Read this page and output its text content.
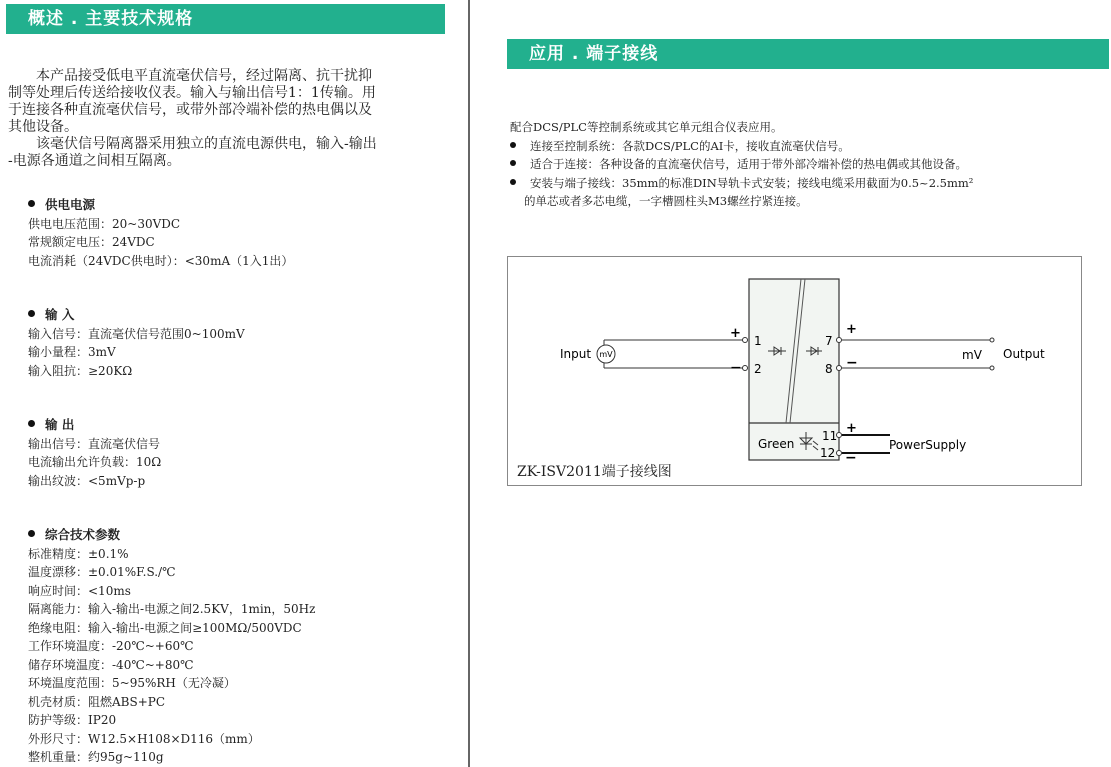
概述 . 主要技术规格
本产品接受低电平直流毫伏信号，经过隔离、抗干扰抑
制等处理后传送给接收仪表。输入与输出信号1：1传输。用
于连接各种直流毫伏信号，或带外部冷端补偿的热电偶以及
其他设备。
该毫伏信号隔离器采用独立的直流电源供电，输入-输出
-电源各通道之间相互隔离。
供电电源
供电电压范围：20~30VDC
常规额定电压：24VDC
电流消耗（24VDC供电时）：<30mA（1入1出）
输 入
输入信号：直流毫伏信号范围0~100mV
输小量程：3mV
输入阻抗：≥20KΩ
输 出
输出信号：直流毫伏信号
电流输出允许负载：10Ω
输出纹波：<5mVp-p
综合技术参数
标准精度：±0.1%
温度漂移：±0.01%F.S./℃
响应时间：<10ms
隔离能力：输入-输出-电源之间2.5KV，1min，50Hz
绝缘电阻：输入-输出-电源之间≥100MΩ/500VDC
工作环境温度：-20℃~+60℃
储存环境温度：-40℃~+80℃
环境温度范围：5~95%RH（无冷凝）
机壳材质：阻燃ABS+PC
防护等级：IP20
外形尺寸：W12.5×H108×D116（mm）
整机重量：约95g~110g
应用 . 端子接线
配合DCS/PLC等控制系统或其它单元组合仪表应用。
连接至控制系统：各款DCS/PLC的AI卡，接收直流毫伏信号。
适合于连接：各种设备的直流毫伏信号，适用于带外部冷端补偿的热电偶或其他设备。
安装与端子接线：35mm的标准DIN导轨卡式安装；接线电缆采用截面为0.5~2.5mm²
的单芯或者多芯电缆，一字槽圆柱头M3螺丝拧紧连接。
mV
Input
+
−
1
2
7
8
+
−	mV Output
11
12
+
−
PowerSupply
Green
ZK-ISV2011端子接线图
